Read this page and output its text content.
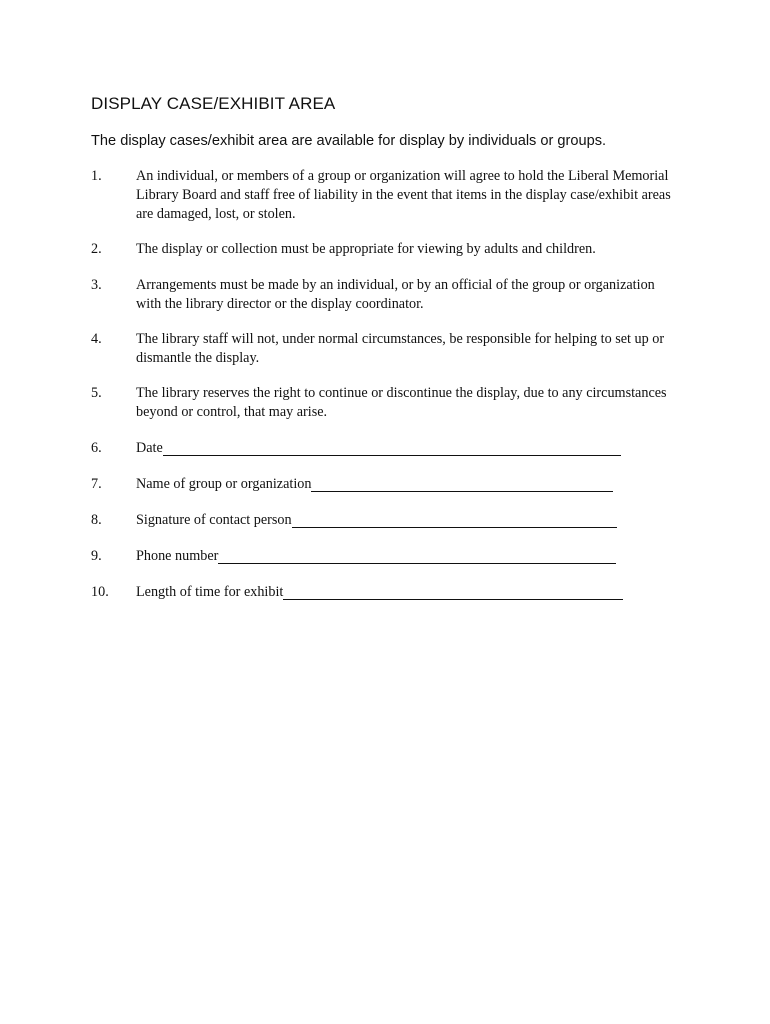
DISPLAY CASE/EXHIBIT AREA
The display cases/exhibit area are available for display by individuals or groups.
1.	An individual, or members of a group or organization will agree to hold the Liberal Memorial Library Board and staff free of liability in the event that items in the display case/exhibit areas are damaged, lost, or stolen.
2.	The display or collection must be appropriate for viewing by adults and children.
3.	Arrangements must be made by an individual, or by an official of the group or organization with the library director or the display coordinator.
4.	The library staff will not, under normal circumstances, be responsible for helping to set up or dismantle the display.
5.	The library reserves the right to continue or discontinue the display, due to any circumstances beyond or control, that may arise.
6.	Date
7.	Name of group or organization
8.	Signature of contact person
9.	Phone number
10.	Length of time for exhibit
